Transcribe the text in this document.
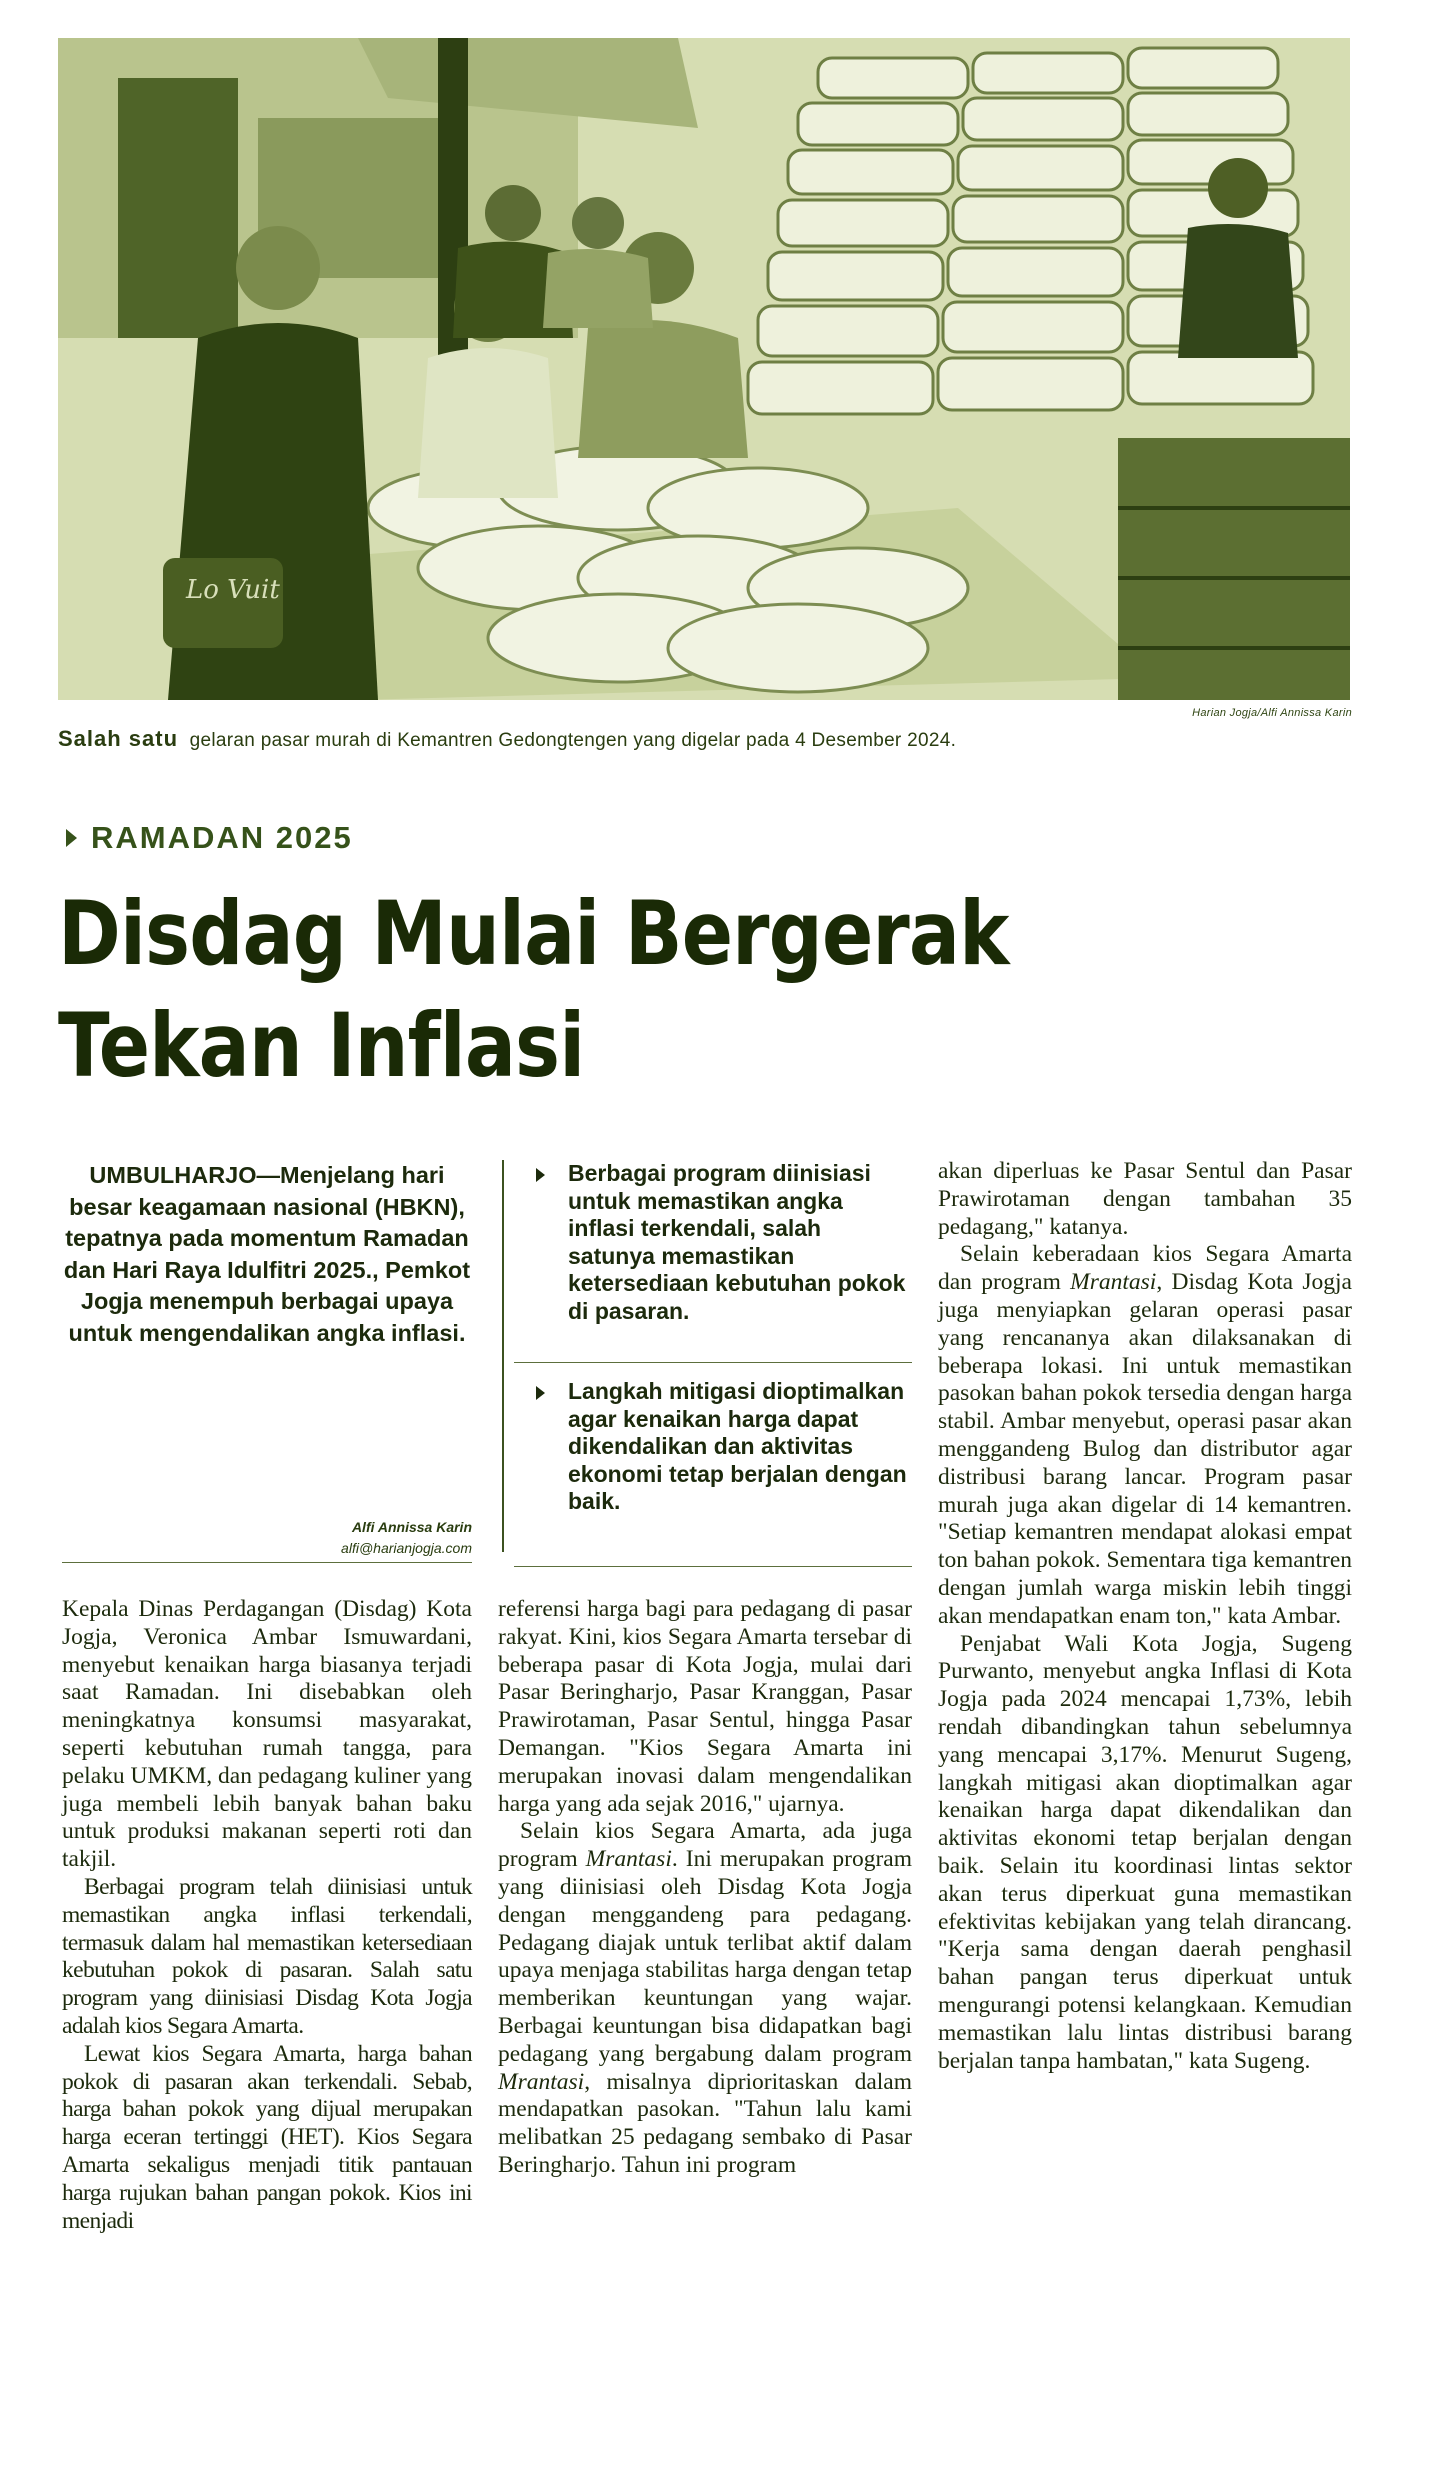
Lo Vuit
Harian Jogja/Alfi Annissa Karin
Salah satu gelaran pasar murah di Kemantren Gedongtengen yang digelar pada 4 Desember 2024.
RAMADAN 2025
Disdag Mulai Bergerak
Tekan Inflasi
UMBULHARJO—Menjelang hari besar keagamaan nasional (HBKN), tepatnya pada momentum Ramadan dan Hari Raya Idulfitri 2025., Pemkot Jogja menempuh berbagai upaya untuk mengendalikan angka inflasi.
Alfi Annissa Karin
alfi@harianjogja.com
Berbagai program diinisiasi untuk memastikan angka inflasi terkendali, salah satunya memastikan ketersediaan kebutuhan pokok di pasaran.
Langkah mitigasi dioptimalkan agar kenaikan harga dapat dikendalikan dan aktivitas ekonomi tetap berjalan dengan baik.

Kepala Dinas Perdagangan (Disdag) Kota Jogja, Veronica Ambar Ismuwardani, menyebut kenaikan harga biasanya terjadi saat Ramadan. Ini disebabkan oleh meningkatnya konsumsi masyarakat, seperti kebutuhan rumah tangga, para pelaku UMKM, dan pedagang kuliner yang juga membeli lebih banyak bahan baku untuk produksi makanan seperti roti dan takjil.

Berbagai program telah diinisiasi untuk memastikan angka inflasi terkendali, termasuk dalam hal memastikan ketersediaan kebutuhan pokok di pasaran. Salah satu program yang diinisiasi Disdag Kota Jogja adalah kios Segara Amarta.

Lewat kios Segara Amarta, harga bahan pokok di pasaran akan terkendali. Sebab, harga bahan pokok yang dijual merupakan harga eceran tertinggi (HET). Kios Segara Amarta sekaligus menjadi titik pantauan harga rujukan bahan pangan pokok. Kios ini menjadi

referensi harga bagi para pedagang di pasar rakyat. Kini, kios Segara Amarta tersebar di beberapa pasar di Kota Jogja, mulai dari Pasar Beringharjo, Pasar Kranggan, Pasar Prawirotaman, Pasar Sentul, hingga Pasar Demangan. "Kios Segara Amarta ini merupakan inovasi dalam mengendalikan harga yang ada sejak 2016," ujarnya.

Selain kios Segara Amarta, ada juga program Mrantasi. Ini merupakan program yang diinisiasi oleh Disdag Kota Jogja dengan menggandeng para pedagang. Pedagang diajak untuk terlibat aktif dalam upaya menjaga stabilitas harga dengan tetap memberikan keuntungan yang wajar. Berbagai keuntungan bisa didapatkan bagi pedagang yang bergabung dalam program Mrantasi, misalnya diprioritaskan dalam mendapatkan pasokan. "Tahun lalu kami melibatkan 25 pedagang sembako di Pasar Beringharjo. Tahun ini program

akan diperluas ke Pasar Sentul dan Pasar Prawirotaman dengan tambahan 35 pedagang," katanya.

Selain keberadaan kios Segara Amarta dan program Mrantasi, Disdag Kota Jogja juga menyiapkan gelaran operasi pasar yang rencananya akan dilaksanakan di beberapa lokasi. Ini untuk memastikan pasokan bahan pokok tersedia dengan harga stabil. Ambar menyebut, operasi pasar akan menggandeng Bulog dan distributor agar distribusi barang lancar. Program pasar murah juga akan digelar di 14 kemantren. "Setiap kemantren mendapat alokasi empat ton bahan pokok. Sementara tiga kemantren dengan jumlah warga miskin lebih tinggi akan mendapatkan enam ton," kata Ambar.

Penjabat Wali Kota Jogja, Sugeng Purwanto, menyebut angka Inflasi di Kota Jogja pada 2024 mencapai 1,73%, lebih rendah dibandingkan tahun sebelumnya yang mencapai 3,17%. Menurut Sugeng, langkah mitigasi akan dioptimalkan agar kenaikan harga dapat dikendalikan dan aktivitas ekonomi tetap berjalan dengan baik. Selain itu koordinasi lintas sektor akan terus diperkuat guna memastikan efektivitas kebijakan yang telah dirancang. "Kerja sama dengan daerah penghasil bahan pangan terus diperkuat untuk mengurangi potensi kelangkaan. Kemudian memastikan lalu lintas distribusi barang berjalan tanpa hambatan," kata Sugeng.
